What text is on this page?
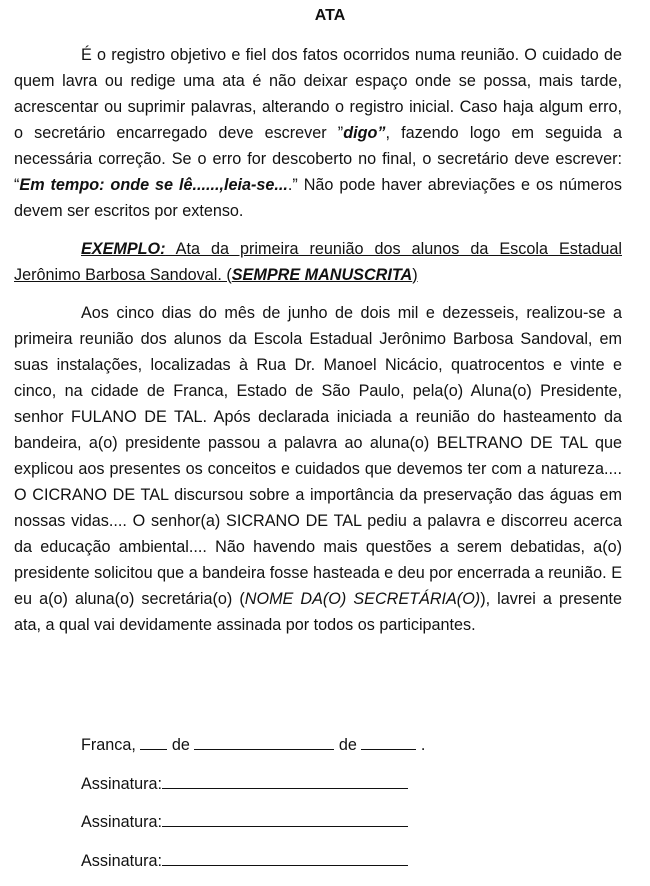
ATA

É o registro objetivo e fiel dos fatos ocorridos numa reunião. O cuidado de quem lavra ou redige uma ata é não deixar espaço onde se possa, mais tarde, acrescentar ou suprimir palavras, alterando o registro inicial. Caso haja algum erro, o secretário encarregado deve escrever ”digo”, fazendo logo em seguida a necessária correção. Se o erro for descoberto no final, o secretário deve escrever: “Em tempo: onde se lê......,leia-se....” Não pode haver abreviações e os números devem ser escritos por extenso.

EXEMPLO: Ata da primeira reunião dos alunos da Escola Estadual Jerônimo Barbosa Sandoval. (SEMPRE MANUSCRITA)

Aos cinco dias do mês de junho de dois mil e dezesseis, realizou-se a primeira reunião dos alunos da Escola Estadual Jerônimo Barbosa Sandoval, em suas instalações, localizadas à Rua Dr. Manoel Nicácio, quatrocentos e vinte e cinco, na cidade de Franca, Estado de São Paulo, pela(o) Aluna(o) Presidente, senhor FULANO DE TAL. Após declarada iniciada a reunião do hasteamento da bandeira, a(o) presidente passou a palavra ao aluna(o) BELTRANO DE TAL que explicou aos presentes os conceitos e cuidados que devemos ter com a natureza.... O CICRANO DE TAL discursou sobre a importância da preservação das águas em nossas vidas.... O senhor(a) SICRANO DE TAL pediu a palavra e discorreu acerca da educação ambiental.... Não havendo mais questões a serem debatidas, a(o) presidente solicitou que a bandeira fosse hasteada e deu por encerrada a reunião. E eu a(o) aluna(o) secretária(o) (NOME DA(O) SECRETÁRIA(O)), lavrei a presente ata, a qual vai devidamente assinada por todos os participantes.

Franca, de	de	.
Assinatura:
Assinatura:
Assinatura:
